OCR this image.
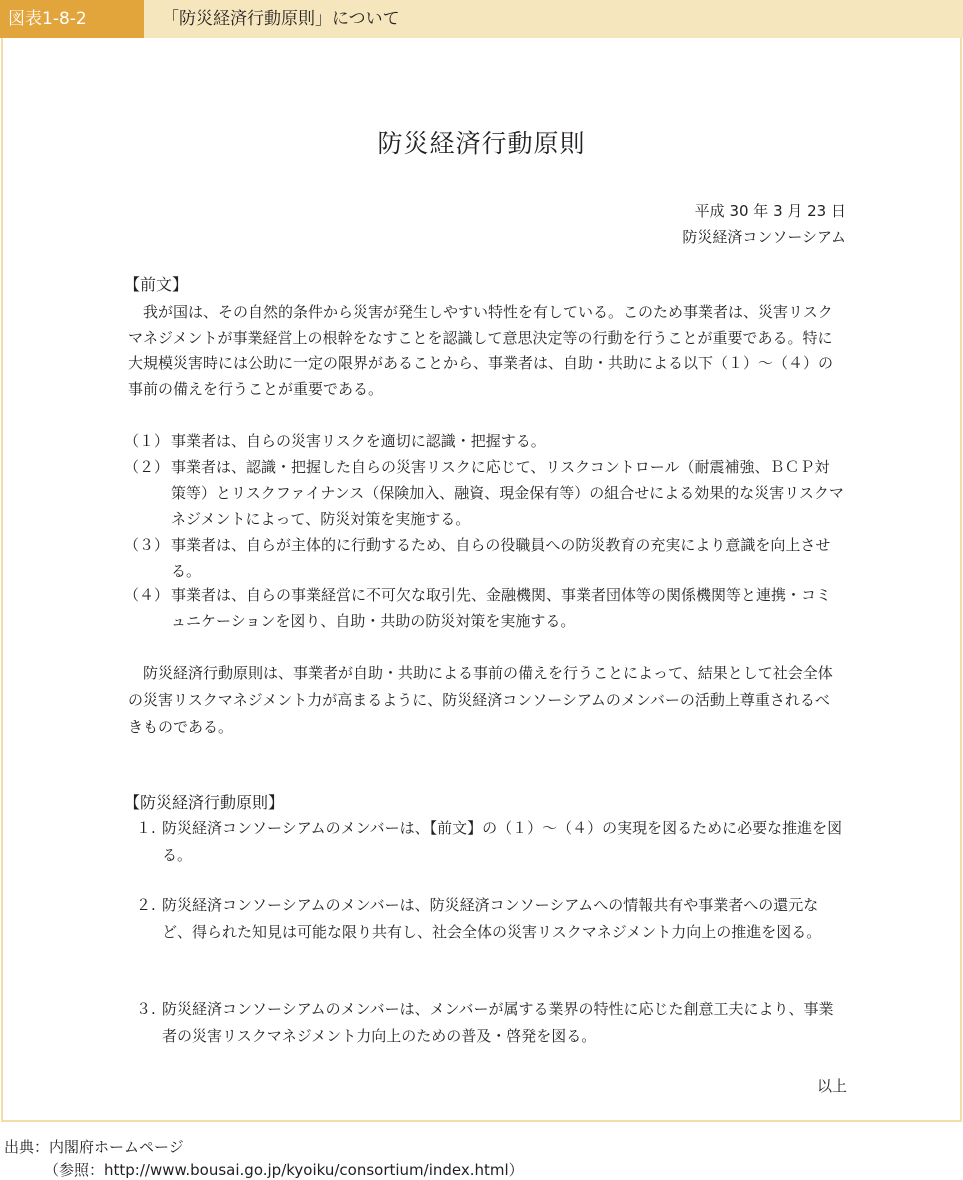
図表1-8-2	「防災経済行動原則」について
防災経済行動原則
平成 30 年 3 月 23 日
防災経済コンソーシアム
【前文】

我が国は、その自然的条件から災害が発生しやすい特性を有している。このため事業者は、災害リスクマネジメントが事業経営上の根幹をなすことを認識して意思決定等の行動を行うことが重要である。特に大規模災害時には公助に一定の限界があることから、事業者は、自助・共助による以下（１）～（４）の事前の備えを行うことが重要である。

（１） 事業者は、自らの災害リスクを適切に認識・把握する。
（２） 事業者は、認識・把握した自らの災害リスクに応じて、リスクコントロール（耐震補強、ＢＣＰ対策等）とリスクファイナンス（保険加入、融資、現金保有等）の組合せによる効果的な災害リスクマネジメントによって、防災対策を実施する。
（３） 事業者は、自らが主体的に行動するため、自らの役職員への防災教育の充実により意識を向上させる。
（４） 事業者は、自らの事業経営に不可欠な取引先、金融機関、事業者団体等の関係機関等と連携・コミュニケーションを図り、自助・共助の防災対策を実施する。

防災経済行動原則は、事業者が自助・共助による事前の備えを行うことによって、結果として社会全体の災害リスクマネジメント力が高まるように、防災経済コンソーシアムのメンバーの活動上尊重されるべきものである。

【防災経済行動原則】
１. 防災経済コンソーシアムのメンバーは、【前文】の（１）～（４）の実現を図るために必要な推進を図る。
２. 防災経済コンソーシアムのメンバーは、防災経済コンソーシアムへの情報共有や事業者への還元など、得られた知見は可能な限り共有し、社会全体の災害リスクマネジメント力向上の推進を図る。
３. 防災経済コンソーシアムのメンバーは、メンバーが属する業界の特性に応じた創意工夫により、事業者の災害リスクマネジメント力向上のための普及・啓発を図る。
以上
出典：内閣府ホームページ
（参照：http://www.bousai.go.jp/kyoiku/consortium/index.html）
